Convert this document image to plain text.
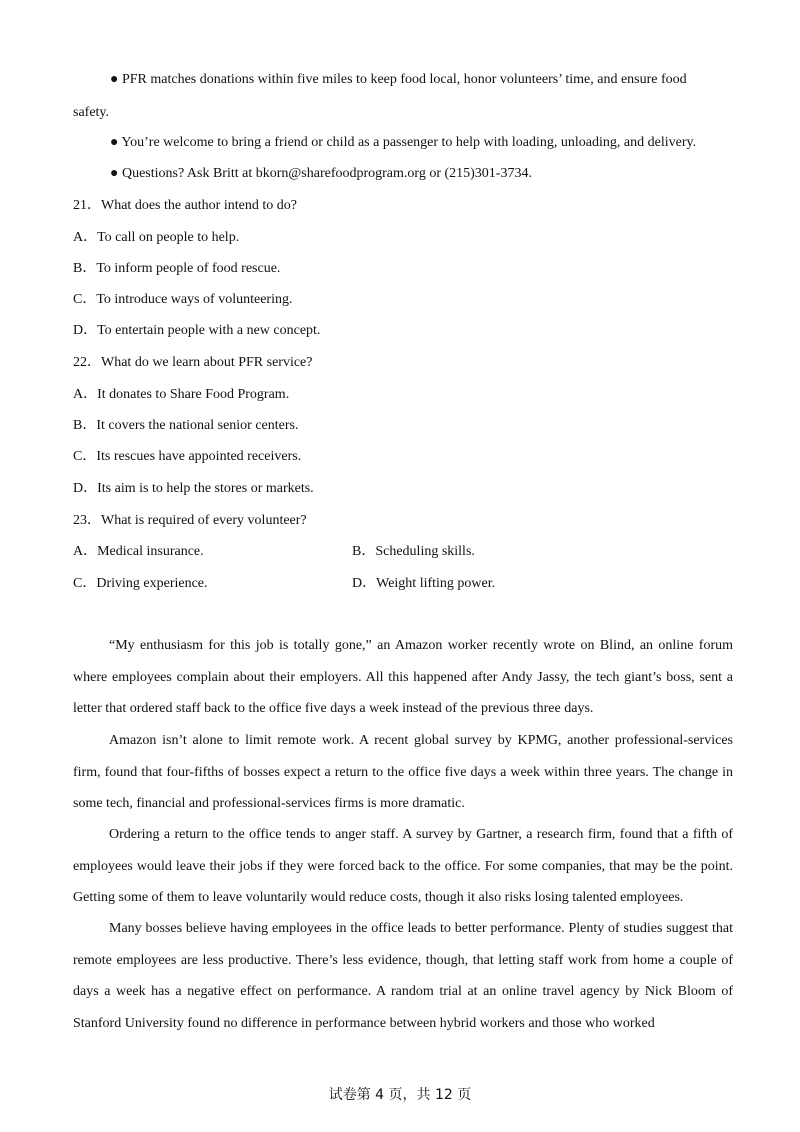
● PFR matches donations within five miles to keep food local, honor volunteers’ time, and ensure food
safety.
● You’re welcome to bring a friend or child as a passenger to help with loading, unloading, and delivery.
● Questions? Ask Britt at bkorn@sharefoodprogram.org or (215)301-3734.
21．What does the author intend to do?
A．To call on people to help.
B．To inform people of food rescue.
C．To introduce ways of volunteering.
D．To entertain people with a new concept.
22．What do we learn about PFR service?
A．It donates to Share Food Program.
B．It covers the national senior centers.
C．Its rescues have appointed receivers.
D．Its aim is to help the stores or markets.
23．What is required of every volunteer?
A．Medical insurance.	B．Scheduling skills.
C．Driving experience.	D．Weight lifting power.
“My enthusiasm for this job is totally gone,” an Amazon worker recently wrote on Blind, an online forum where employees complain about their employers. All this happened after Andy Jassy, the tech giant’s boss, sent a letter that ordered staff back to the office five days a week instead of the previous three days.
Amazon isn’t alone to limit remote work. A recent global survey by KPMG, another professional-services firm, found that four-fifths of bosses expect a return to the office five days a week within three years. The change in some tech, financial and professional-services firms is more dramatic.
Ordering a return to the office tends to anger staff. A survey by Gartner, a research firm, found that a fifth of employees would leave their jobs if they were forced back to the office. For some companies, that may be the point. Getting some of them to leave voluntarily would reduce costs, though it also risks losing talented employees.
Many bosses believe having employees in the office leads to better performance. Plenty of studies suggest that remote employees are less productive. There’s less evidence, though, that letting staff work from home a couple of days a week has a negative effect on performance. A random trial at an online travel agency by Nick Bloom of Stanford University found no difference in performance between hybrid workers and those who worked
试卷第 4 页，共 12 页
